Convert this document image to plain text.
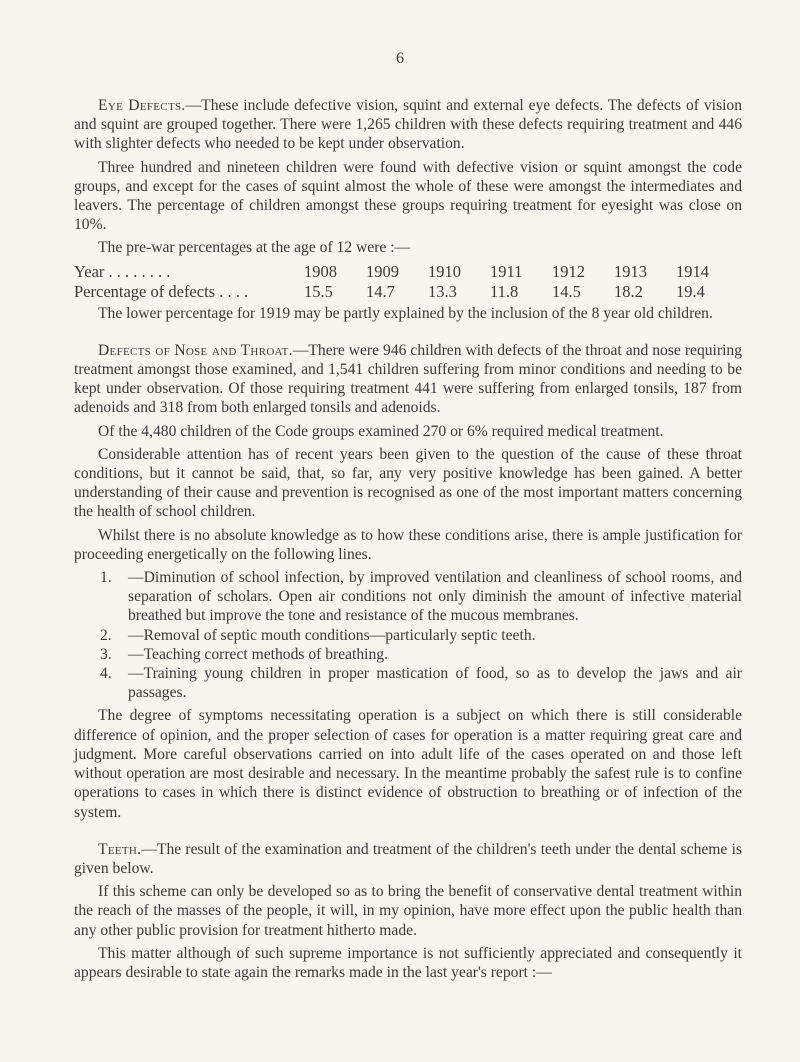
6

Eye Defects.—These include defective vision, squint and external eye defects. The defects of vision and squint are grouped together. There were 1,265 children with these defects requiring treatment and 446 with slighter defects who needed to be kept under observation.

Three hundred and nineteen children were found with defective vision or squint amongst the code groups, and except for the cases of squint almost the whole of these were amongst the intermediates and leavers. The percentage of children amongst these groups requiring treatment for eyesight was close on 10%.

The pre-war percentages at the age of 12 were :—

Year . . . . . . . .	1908	1909	1910	1911	1912	1913	1914
Percentage of defects . . . .	15.5	14.7	13.3	11.8	14.5	18.2	19.4

The lower percentage for 1919 may be partly explained by the inclusion of the 8 year old children.

Defects of Nose and Throat.—There were 946 children with defects of the throat and nose requiring treatment amongst those examined, and 1,541 children suffering from minor conditions and needing to be kept under observation. Of those requiring treatment 441 were suffering from enlarged tonsils, 187 from adenoids and 318 from both enlarged tonsils and adenoids.

Of the 4,480 children of the Code groups examined 270 or 6% required medical treatment.

Considerable attention has of recent years been given to the question of the cause of these throat conditions, but it cannot be said, that, so far, any very positive knowledge has been gained. A better understanding of their cause and prevention is recognised as one of the most important matters concerning the health of school children.

Whilst there is no absolute knowledge as to how these conditions arise, there is ample justification for proceeding energetically on the following lines.

1. —Diminution of school infection, by improved ventilation and cleanliness of school rooms, and separation of scholars. Open air conditions not only diminish the amount of infective material breathed but improve the tone and resistance of the mucous membranes.
2. —Removal of septic mouth conditions—particularly septic teeth.
3. —Teaching correct methods of breathing.
4. —Training young children in proper mastication of food, so as to develop the jaws and air passages.

The degree of symptoms necessitating operation is a subject on which there is still considerable difference of opinion, and the proper selection of cases for operation is a matter requiring great care and judgment. More careful observations carried on into adult life of the cases operated on and those left without operation are most desirable and necessary. In the meantime probably the safest rule is to confine operations to cases in which there is distinct evidence of obstruction to breathing or of infection of the system.

Teeth.—The result of the examination and treatment of the children's teeth under the dental scheme is given below.

If this scheme can only be developed so as to bring the benefit of conservative dental treatment within the reach of the masses of the people, it will, in my opinion, have more effect upon the public health than any other public provision for treatment hitherto made.

This matter although of such supreme importance is not sufficiently appreciated and consequently it appears desirable to state again the remarks made in the last year's report :—
